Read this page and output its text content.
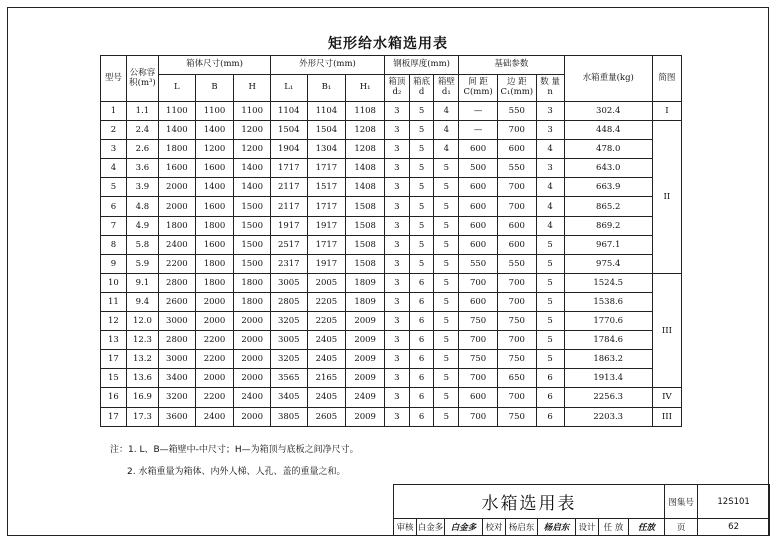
矩形给水箱选用表
型号	公称容积(m³)	箱体尺寸(mm)			外形尺寸(mm)			钢板厚度(mm)			基础参数			水箱重量(kg)	简图
		L	B	H	L₁	B₁	H₁	箱顶 d₂	箱底 d	箱壁 d₁	间 距 C(mm)	边 距 C₁(mm)	数 量 n		
1	1.1	1100	1100	1100	1104	1104	1108	3	5	4	—	550	3	302.4	I
2	2.4	1400	1400	1200	1504	1504	1208	3	5	4	—	700	3	448.4	II
3	2.6	1800	1200	1200	1904	1304	1208	3	5	4	600	600	4	478.0	
4	3.6	1600	1600	1400	1717	1717	1408	3	5	5	500	550	3	643.0	
5	3.9	2000	1400	1400	2117	1517	1408	3	5	5	600	700	4	663.9	
6	4.8	2000	1600	1500	2117	1717	1508	3	5	5	600	700	4	865.2	
7	4.9	1800	1800	1500	1917	1917	1508	3	5	5	600	600	4	869.2	
8	5.8	2400	1600	1500	2517	1717	1508	3	5	5	600	600	5	967.1	
9	5.9	2200	1800	1500	2317	1917	1508	3	5	5	550	550	5	975.4	
10	9.1	2800	1800	1800	3005	2005	1809	3	6	5	700	700	5	1524.5	III
11	9.4	2600	2000	1800	2805	2205	1809	3	6	5	600	700	5	1538.6	
12	12.0	3000	2000	2000	3205	2205	2009	3	6	5	750	750	5	1770.6	
13	12.3	2800	2200	2000	3005	2405	2009	3	6	5	700	700	5	1784.6	
17	13.2	3000	2200	2000	3205	2405	2009	3	6	5	750	750	5	1863.2	
15	13.6	3400	2000	2000	3565	2165	2009	3	6	5	700	650	6	1913.4	
16	16.9	3200	2200	2400	3405	2405	2409	3	6	5	600	700	6	2256.3	IV
17	17.3	3600	2400	2000	3805	2605	2009	3	6	5	700	750	6	2203.3	III
注：1. L、B—箱壁中-中尺寸；H—为箱顶与底板之间净尺寸。
2. 水箱重量为箱体、内外人梯、人孔、盖的重量之和。
水箱选用表									图集号	12S101
审核	白金多	白金多	校对	杨启东	杨启东	设计	任 放	任放	页	62
